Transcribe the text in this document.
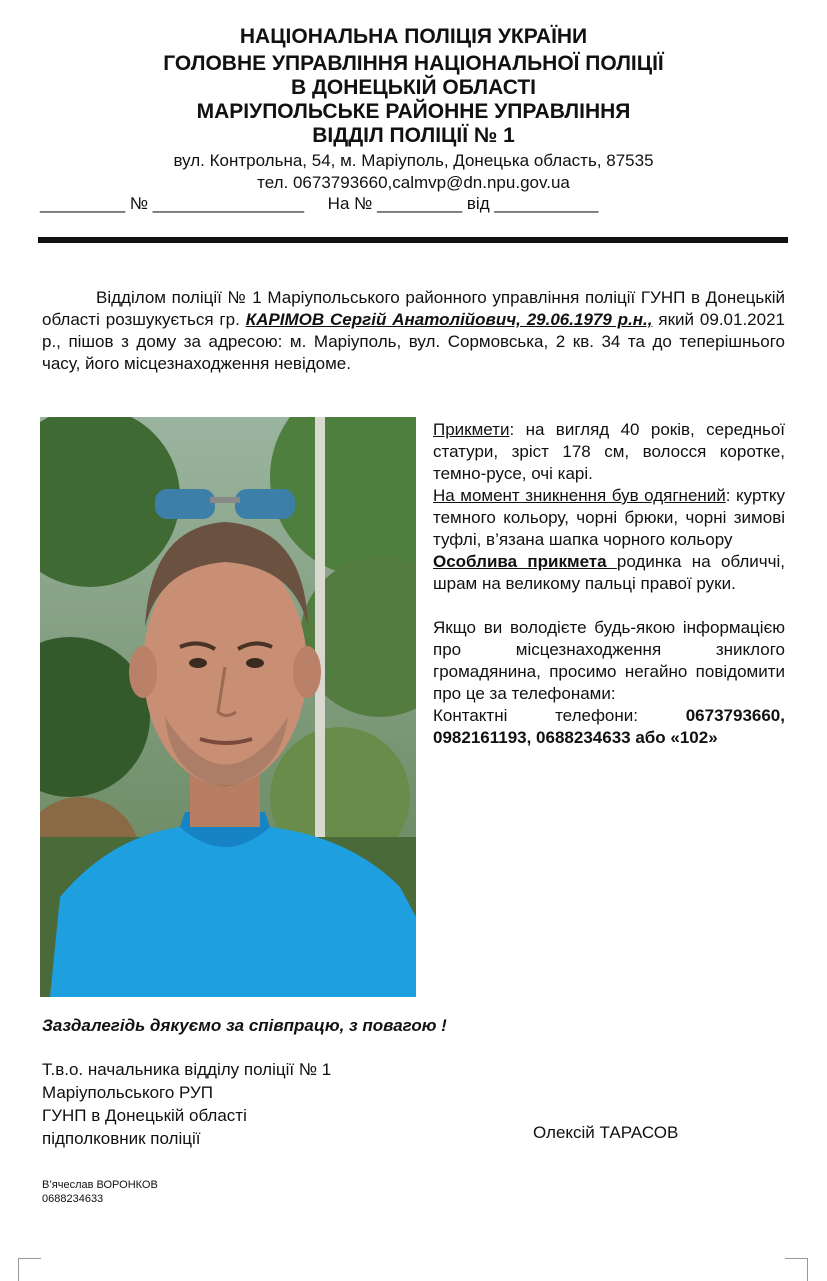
НАЦІОНАЛЬНА ПОЛІЦІЯ УКРАЇНИ
ГОЛОВНЕ УПРАВЛІННЯ НАЦІОНАЛЬНОЇ ПОЛІЦІЇ
В ДОНЕЦЬКІЙ ОБЛАСТІ
МАРІУПОЛЬСЬКЕ РАЙОННЕ УПРАВЛІННЯ
ВІДДІЛ ПОЛІЦІЇ № 1
вул. Контрольна, 54, м. Маріуполь, Донецька область, 87535
тел. 0673793660,calmvp@dn.npu.gov.ua
_________ № ________________     На № _________ від ___________
Відділом поліції № 1 Маріупольського районного управління поліції ГУНП в Донецькій області розшукується гр. КАРІМОВ Сергій Анатолійович, 29.06.1979 р.н., який 09.01.2021 р., пішов з дому за адресою: м. Маріуполь, вул. Сормовська, 2 кв. 34 та до теперішнього часу, його місцезнаходження невідоме.

Прикмети: на вигляд 40 років, середньої статури, зріст 178 см, волосся коротке, темно-русе, очі карі.

На момент зникнення був одягнений: куртку темного кольору, чорні брюки, чорні зимові туфлі, в’язана шапка чорного кольору

Особлива прикмета родинка на обличчі, шрам на великому пальці правої руки.

Якщо ви володієте будь-якою інформацією про місцезнаходження зниклого громадянина, просимо негайно повідомити про це за телефонами:

Контактні телефони: 0673793660, 0982161193, 0688234633 або «102»

Заздалегідь дякуємо за співпрацю, з повагою !
Т.в.о. начальника відділу поліції № 1
Маріупольського РУП
ГУНП в Донецькій області
підполковник поліції	Олексій ТАРАСОВ
В’ячеслав ВОРОНКОВ
0688234633
